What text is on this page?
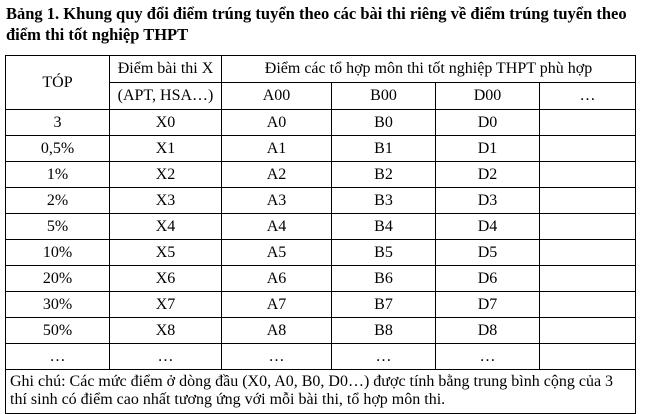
Bảng 1. Khung quy đổi điểm trúng tuyển theo các bài thi riêng về điểm trúng tuyển theo điểm thi tốt nghiệp THPT
TÓP	Điểm bài thi X	Điểm các tổ hợp môn thi tốt nghiệp THPT phù hợp			
	(APT, HSA…)	A00	B00	D00	…
3	X0	A0	B0	D0	
0,5%	X1	A1	B1	D1	
1%	X2	A2	B2	D2	
2%	X3	A3	B3	D3	
5%	X4	A4	B4	D4	
10%	X5	A5	B5	D5	
20%	X6	A6	B6	D6	
30%	X7	A7	B7	D7	
50%	X8	A8	B8	D8	
…	…	…	…	…	
Ghi chú: Các mức điểm ở dòng đầu (X0, A0, B0, D0…) được tính bằng trung bình cộng của 3 thí sinh có điểm cao nhất tương ứng với mỗi bài thi, tổ hợp môn thi.					
